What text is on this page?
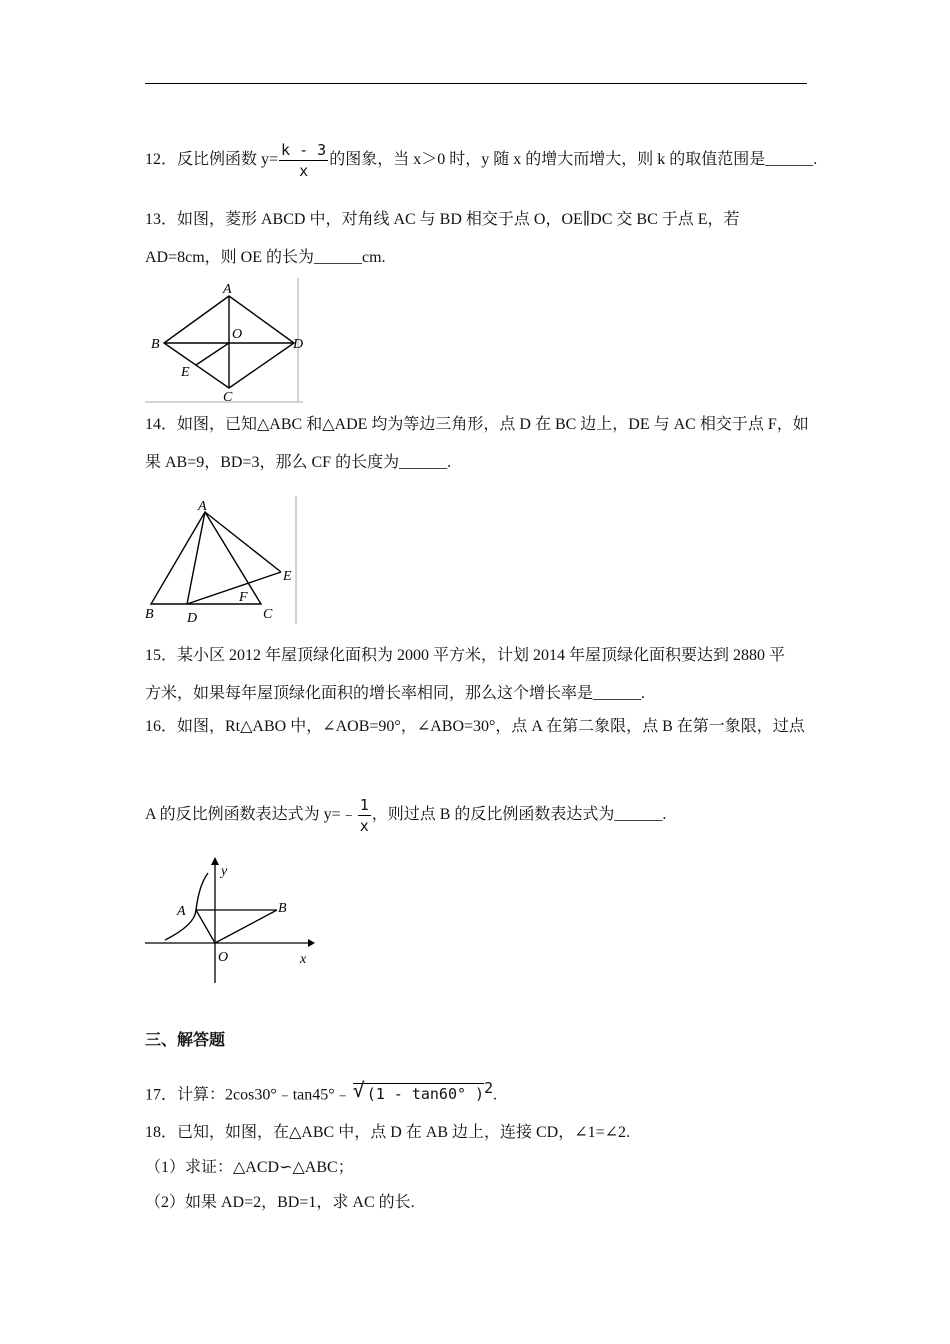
12．反比例函数 $y= \frac{k - 3}{x}$ 的图象，当 x＞0 时，y 随 x 的增大而增大，则 k 的取值范围是______.
13．如图，菱形 ABCD 中，对角线 AC 与 BD 相交于点 O，OE∥DC 交 BC 于点 E，若
AD=8cm，则 OE 的长为______cm.
A
B
C
D
O
E
14．如图，已知△ABC 和△ADE 均为等边三角形，点 D 在 BC 边上，DE 与 AC 相交于点 F，如
果 AB=9，BD=3，那么 CF 的长度为______.
A
B	C
D
E
F
15．某小区 2012 年屋顶绿化面积为 2000 平方米，计划 2014 年屋顶绿化面积要达到 2880 平
方米，如果每年屋顶绿化面积的增长率相同，那么这个增长率是______.
16．如图，Rt△ABO 中，∠AOB=90°，∠ABO=30°，点 A 在第二象限，点 B 在第一象限，过点
A 的反比例函数表达式为 y=﹣ $\frac{1}{x}$ ，则过点 B 的反比例函数表达式为______.
A	B
O	x
y
三、解答题
17．计算：2cos30°﹣tan45°﹣ √ (1 - tan60° )$^2$.
18．已知，如图，在△ABC 中，点 D 在 AB 边上，连接 CD，∠1=∠2.
（1）求证：△ACD∽△ABC；
（2）如果 AD=2，BD=1，求 AC 的长.
